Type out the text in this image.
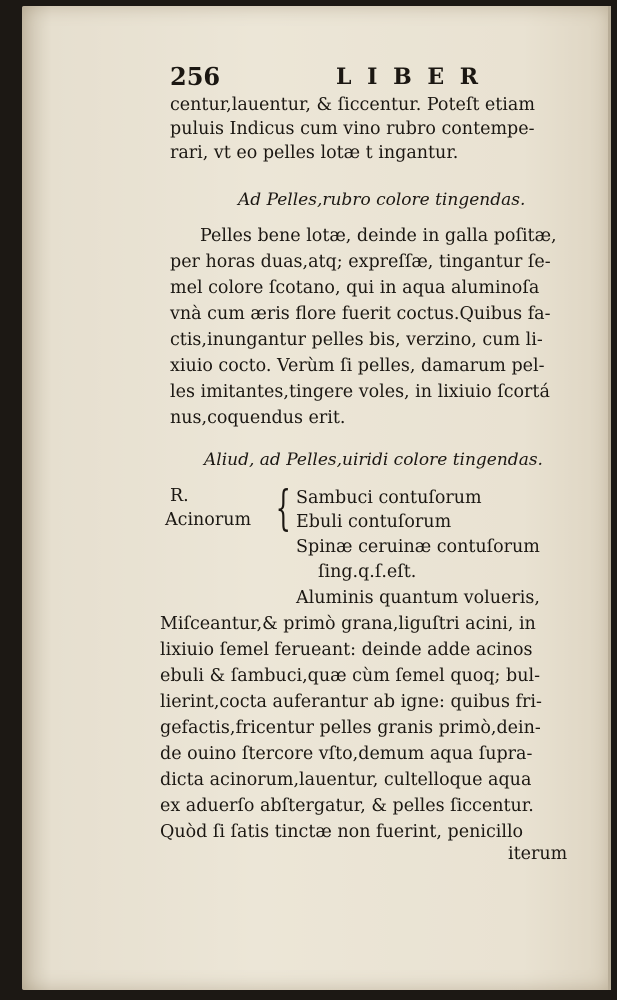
256	L I B E R
centur,lauentur, & ſiccentur. Poteſt etiam
puluis Indicus cum vino rubro contempe-
rari, vt eo pelles lotæ t ingantur.
Ad Pelles,rubro colore tingendas.
Pelles bene lotæ, deinde in galla poſitæ,
per horas duas,atq; expreſſæ, tingantur ſe-
mel colore ſcotano, qui in aqua aluminoſa
vnà cum æris flore fuerit coctus.Quibus fa-
ctis,inungantur pelles bis, verzino, cum li-
xiuio cocto. Verùm ſi pelles, damarum pel-
les imitantes,tingere voles, in lixiuio ſcortá
nus,coquendus erit.
Aliud, ad Pelles,uiridi colore tingendas.
R.
Acinorum { Sambuci contuſorum
Ebuli contuſorum
Spinæ ceruinæ contuſorum
ſing.q.ſ.eſt.
Aluminis quantum volueris,
Miſceantur,& primò grana,liguſtri acini, in
lixiuio ſemel ferueant: deinde adde acinos
ebuli & ſambuci,quæ cùm ſemel quoq; bul-
lierint,cocta auferantur ab igne: quibus fri-
gefactis,fricentur pelles granis primò,dein-
de ouino ſtercore vſto,demum aqua ſupra-
dicta acinorum,lauentur, cultelloque aqua
ex aduerſo abſtergatur, & pelles ſiccentur.
Quòd ſi ſatis tinctæ non fuerint, penicillo
iterum
